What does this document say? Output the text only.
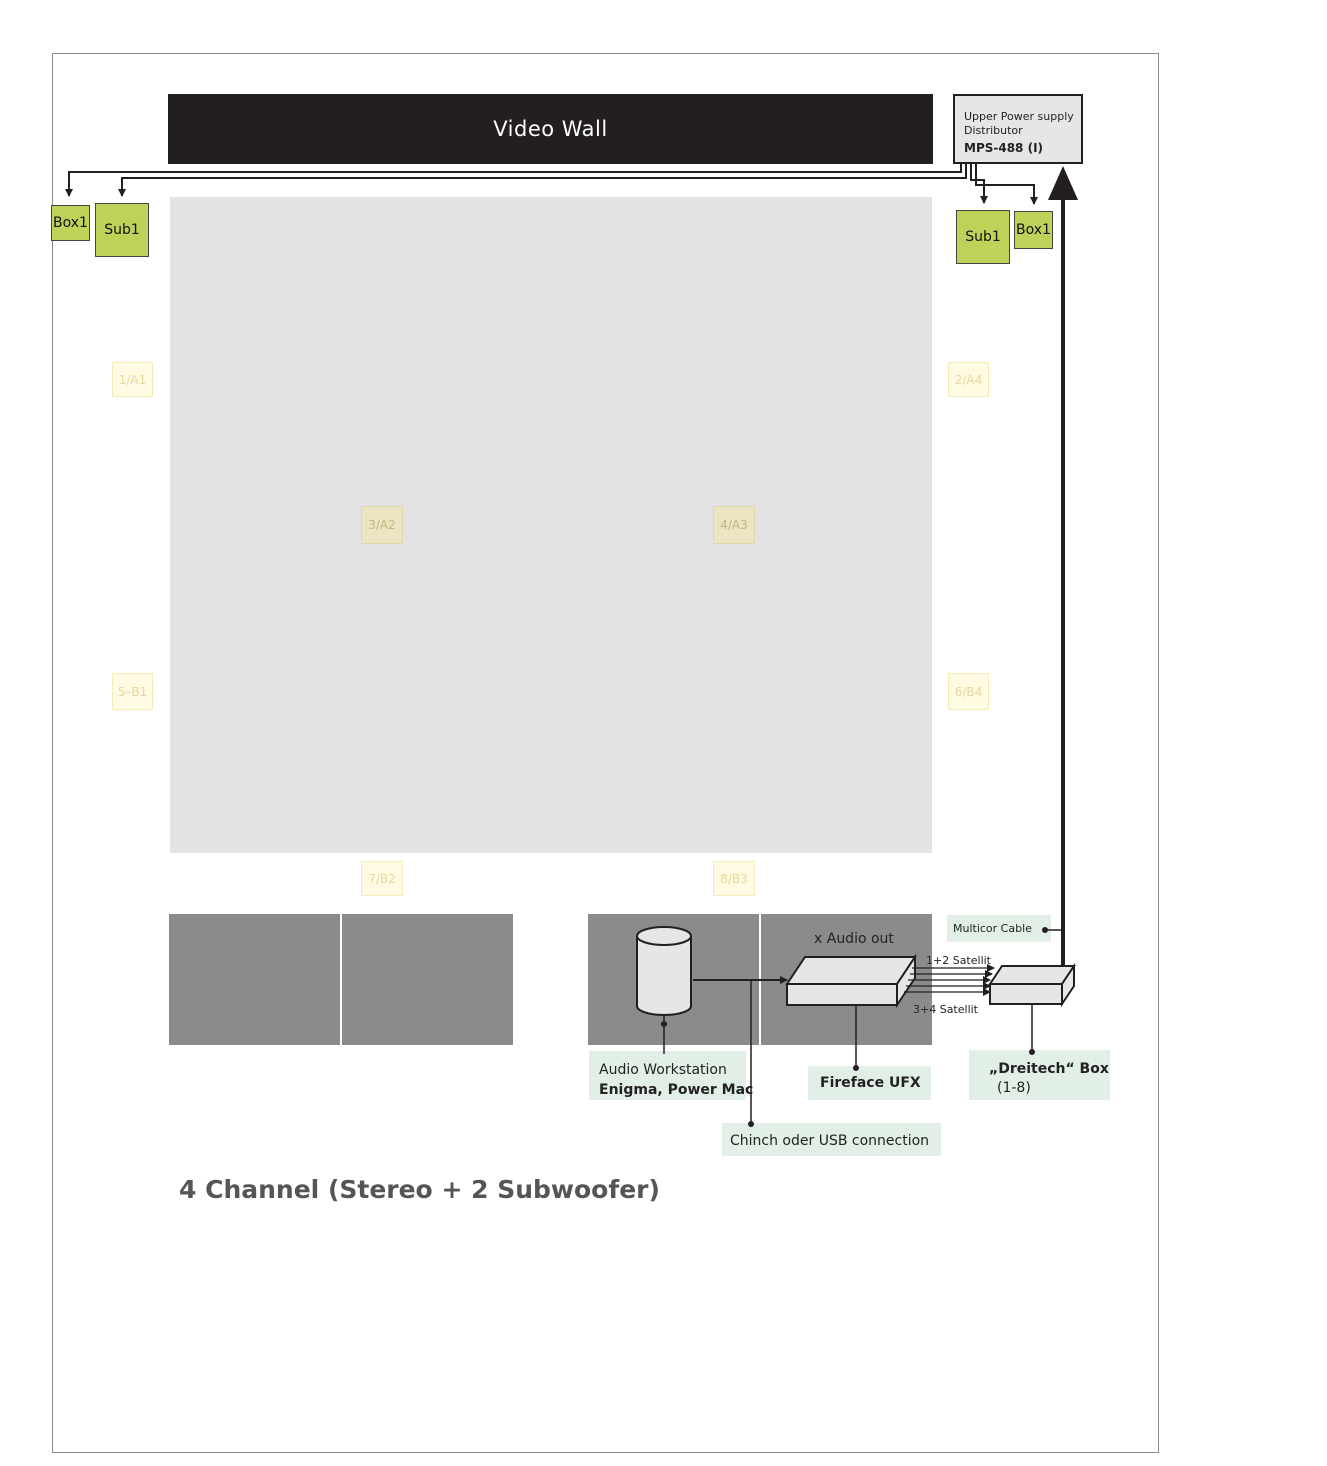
Video Wall
Upper Power supply
Distributor
MPS-488 (I)
Box1	Sub1	Sub1	Box1
1/A1	2/A4
3/A2	4/A3
5–B1	6/B4
7/B2	8/B3
Multicor Cable
x Audio out
1+2 Satellit
3+4 Satellit
Audio Workstation
Enigma, Power Mac	Fireface UFX
„Dreitech“ Box
(1-8)
Chinch oder USB connection
4 Channel (Stereo + 2 Subwoofer)
